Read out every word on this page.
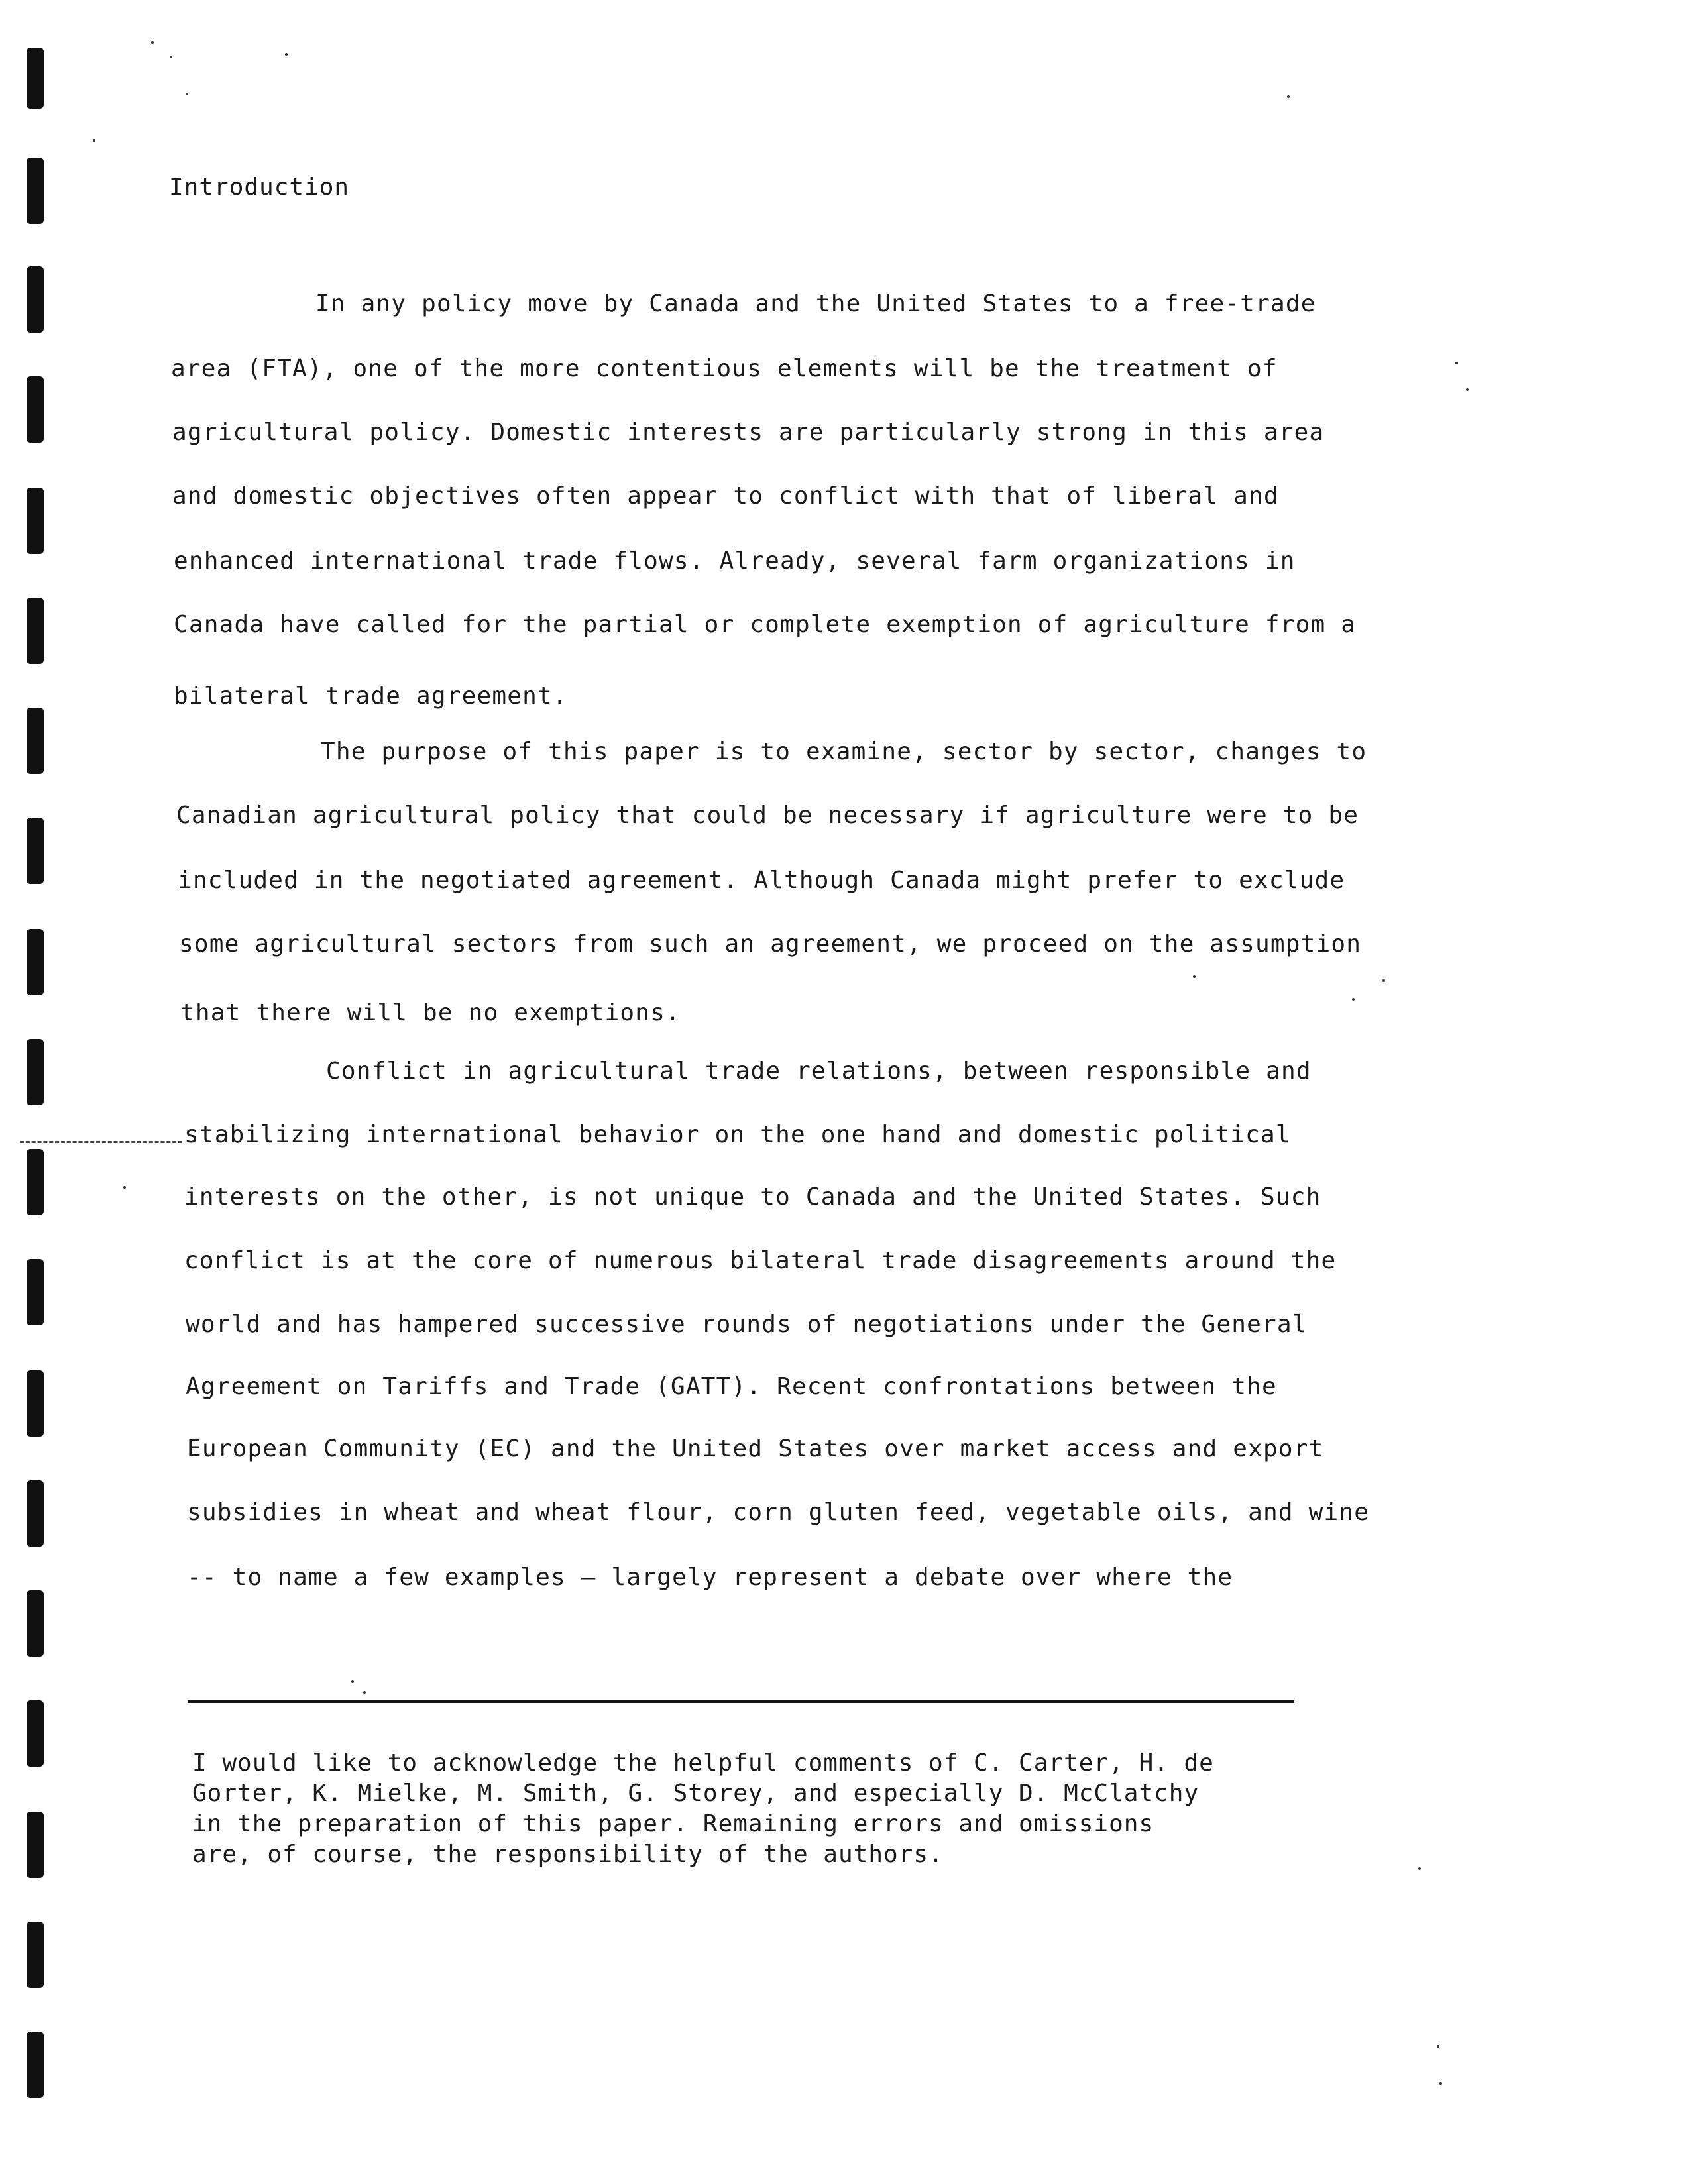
Introduction
In any policy move by Canada and the United States to a free-trade
area (FTA), one of the more contentious elements will be the treatment of
agricultural policy. Domestic interests are particularly strong in this area
and domestic objectives often appear to conflict with that of liberal and
enhanced international trade flows. Already, several farm organizations in
Canada have called for the partial or complete exemption of agriculture from a
bilateral trade agreement.
The purpose of this paper is to examine, sector by sector, changes to
Canadian agricultural policy that could be necessary if agriculture were to be
included in the negotiated agreement. Although Canada might prefer to exclude
some agricultural sectors from such an agreement, we proceed on the assumption
that there will be no exemptions.
Conflict in agricultural trade relations, between responsible and
stabilizing international behavior on the one hand and domestic political
interests on the other, is not unique to Canada and the United States. Such
conflict is at the core of numerous bilateral trade disagreements around the
world and has hampered successive rounds of negotiations under the General
Agreement on Tariffs and Trade (GATT). Recent confrontations between the
European Community (EC) and the United States over market access and export
subsidies in wheat and wheat flour, corn gluten feed, vegetable oils, and wine
-- to name a few examples — largely represent a debate over where the
I would like to acknowledge the helpful comments of C. Carter, H. de
Gorter, K. Mielke, M. Smith, G. Storey, and especially D. McClatchy
in the preparation of this paper. Remaining errors and omissions
are, of course, the responsibility of the authors.
